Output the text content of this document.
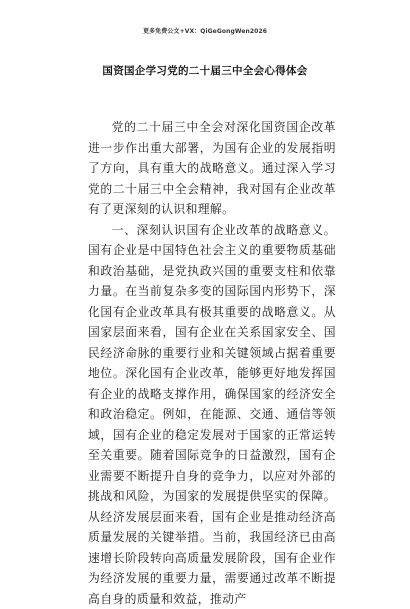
更多免费公文+VX：QiGeGongWen2026
国资国企学习党的二十届三中全会心得体会

党的二十届三中全会对深化国资国企改革进一步作出重大部署，为国有企业的发展指明了方向，具有重大的战略意义。通过深入学习党的二十届三中全会精神，我对国有企业改革有了更深刻的认识和理解。

一、深刻认识国有企业改革的战略意义。国有企业是中国特色社会主义的重要物质基础和政治基础，是党执政兴国的重要支柱和依靠力量。在当前复杂多变的国际国内形势下，深化国有企业改革具有极其重要的战略意义。从国家层面来看，国有企业在关系国家安全、国民经济命脉的重要行业和关键领域占据着重要地位。深化国有企业改革，能够更好地发挥国有企业的战略支撑作用，确保国家的经济安全和政治稳定。例如，在能源、交通、通信等领域，国有企业的稳定发展对于国家的正常运转至关重要。随着国际竞争的日益激烈，国有企业需要不断提升自身的竞争力，以应对外部的挑战和风险，为国家的发展提供坚实的保障。从经济发展层面来看，国有企业是推动经济高质量发展的关键举措。当前，我国经济已由高速增长阶段转向高质量发展阶段，国有企业作为经济发展的重要力量，需要通过改革不断提高自身的质量和效益，推动产
